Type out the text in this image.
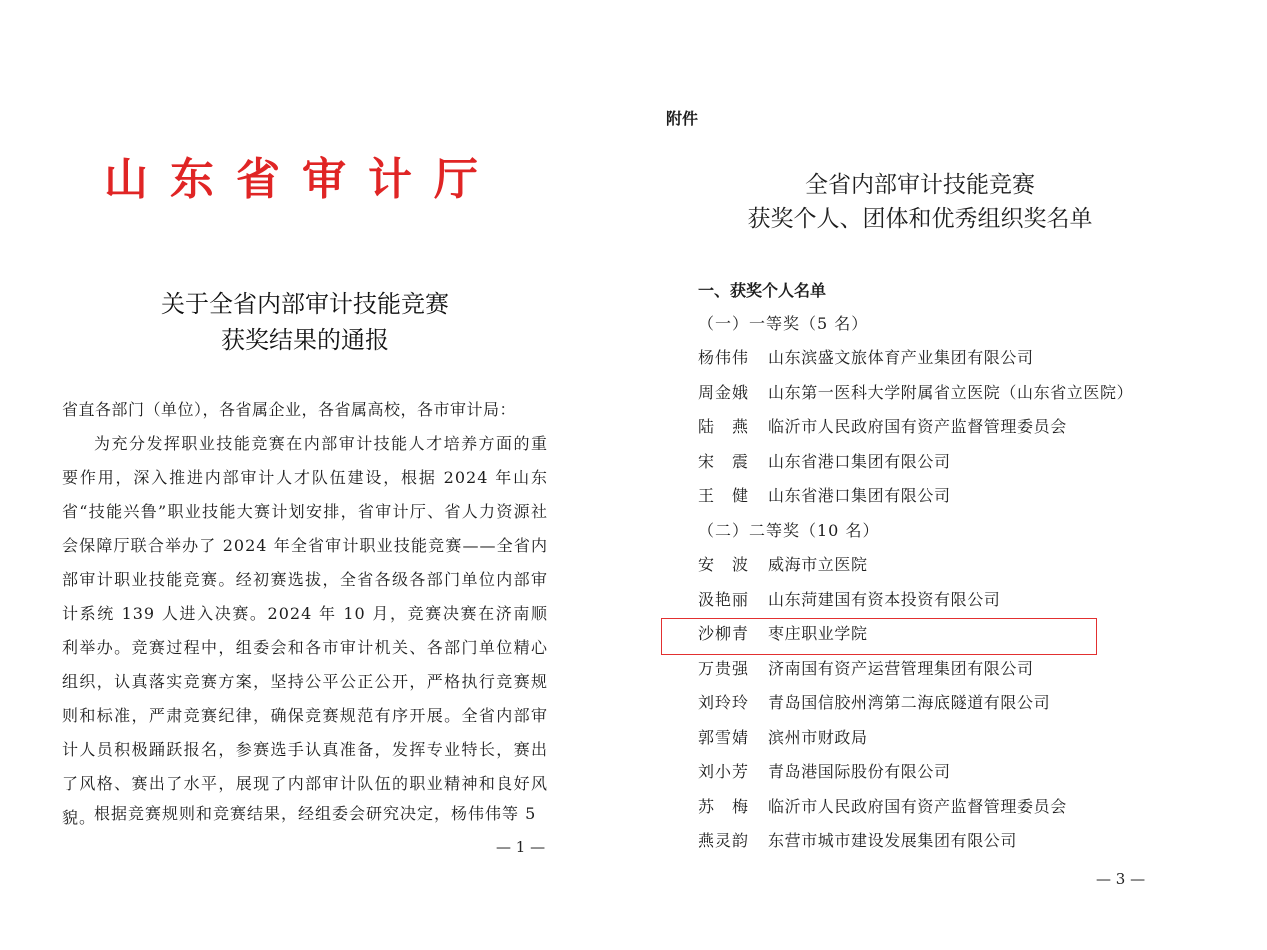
山东省审计厅
关于全省内部审计技能竞赛
获奖结果的通报
省直各部门（单位），各省属企业，各省属高校，各市审计局：
为充分发挥职业技能竞赛在内部审计技能人才培养方面的重要作用，深入推进内部审计人才队伍建设，根据 2024 年山东省“技能兴鲁”职业技能大赛计划安排，省审计厅、省人力资源社会保障厅联合举办了 2024 年全省审计职业技能竞赛——全省内部审计职业技能竞赛。经初赛选拔，全省各级各部门单位内部审计系统 139 人进入决赛。2024 年 10 月，竞赛决赛在济南顺利举办。竞赛过程中，组委会和各市审计机关、各部门单位精心组织，认真落实竞赛方案，坚持公平公正公开，严格执行竞赛规则和标准，严肃竞赛纪律，确保竞赛规范有序开展。全省内部审计人员积极踊跃报名，参赛选手认真准备，发挥专业特长，赛出了风格、赛出了水平，展现了内部审计队伍的职业精神和良好风貌。
根据竞赛规则和竞赛结果，经组委会研究决定，杨伟伟等 5
— 1 —
附件
全省内部审计技能竞赛
获奖个人、团体和优秀组织奖名单
一、获奖个人名单
（一）一等奖（5 名）
杨伟伟 山东滨盛文旅体育产业集团有限公司
周金娥 山东第一医科大学附属省立医院（山东省立医院）
陆　燕 临沂市人民政府国有资产监督管理委员会
宋　震 山东省港口集团有限公司
王　健 山东省港口集团有限公司
（二）二等奖（10 名）
安　波 威海市立医院
汲艳丽 山东菏建国有资本投资有限公司
沙柳青 枣庄职业学院
万贵强 济南国有资产运营管理集团有限公司
刘玲玲 青岛国信胶州湾第二海底隧道有限公司
郭雪婧 滨州市财政局
刘小芳 青岛港国际股份有限公司
苏　梅 临沂市人民政府国有资产监督管理委员会
燕灵韵 东营市城市建设发展集团有限公司
— 3 —
